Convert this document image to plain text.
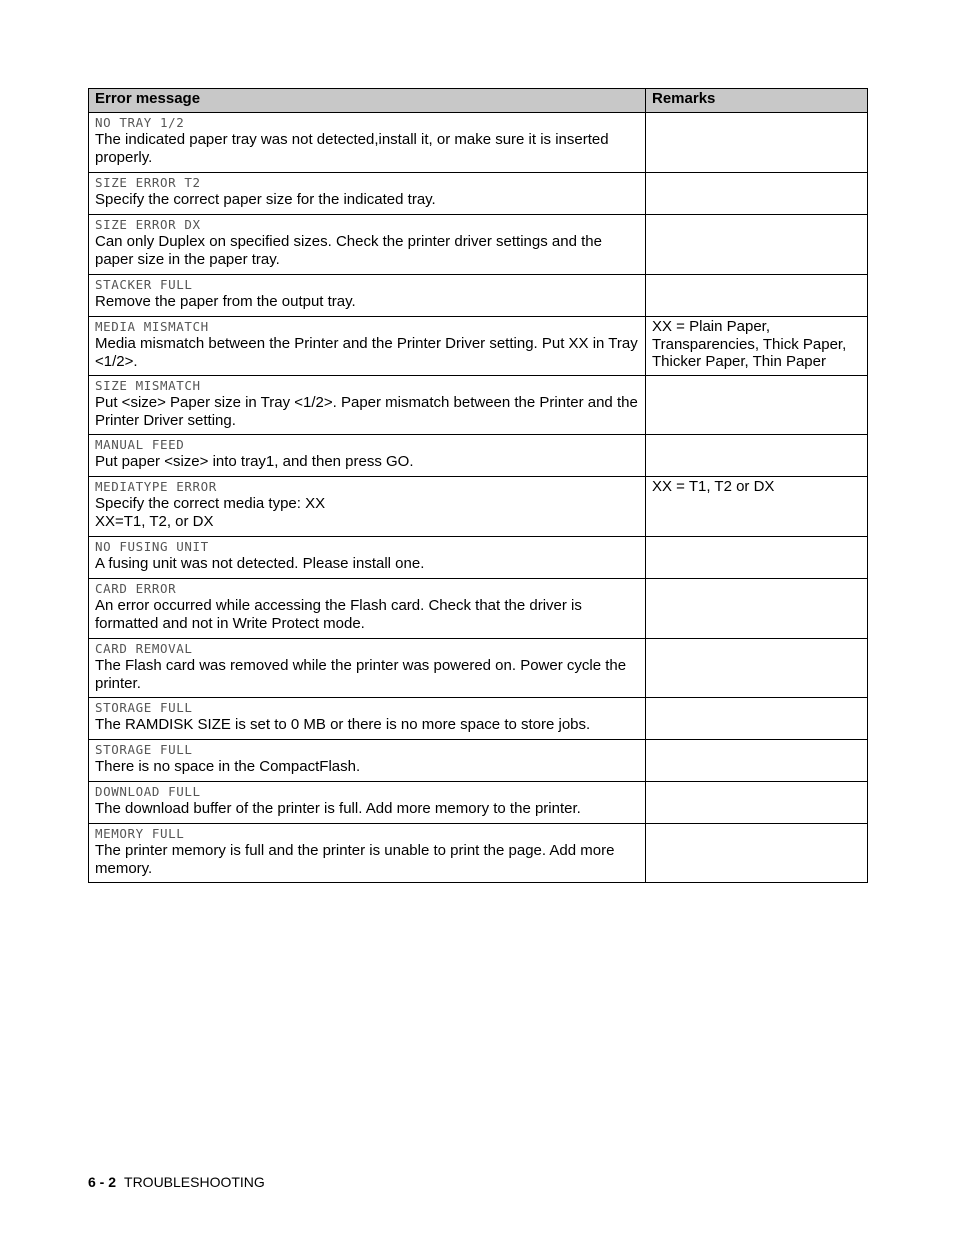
Error message	Remarks

NO TRAY 1/2
The indicated paper tray was not detected,install it, or make sure it is inserted properly.	

SIZE ERROR T2
Specify the correct paper size for the indicated tray.	

SIZE ERROR DX
Can only Duplex on specified sizes. Check the printer driver settings and the paper size in the paper tray.	

STACKER FULL
Remove the paper from the output tray.	

MEDIA MISMATCH
Media mismatch between the Printer and the Printer Driver setting. Put XX in Tray <1/2>.	XX = Plain Paper, Transparencies, Thick Paper, Thicker Paper, Thin Paper

SIZE MISMATCH
Put <size> Paper size in Tray <1/2>. Paper mismatch between the Printer and the Printer Driver setting.	

MANUAL FEED
Put paper <size> into tray1, and then press GO.	

MEDIATYPE ERROR
Specify the correct media type: XX
XX=T1, T2, or DX	XX = T1, T2 or DX

NO FUSING UNIT
A fusing unit was not detected. Please install one.	

CARD ERROR
An error occurred while accessing the Flash card. Check that the driver is formatted and not in Write Protect mode.	

CARD REMOVAL
The Flash card was removed while the printer was powered on. Power cycle the printer.	

STORAGE FULL
The RAMDISK SIZE is set to 0 MB or there is no more space to store jobs.	

STORAGE FULL
There is no space in the CompactFlash.	

DOWNLOAD FULL
The download buffer of the printer is full. Add more memory to the printer.	

MEMORY FULL
The printer memory is full and the printer is unable to print the page. Add more memory.	

6 - 2 TROUBLESHOOTING
